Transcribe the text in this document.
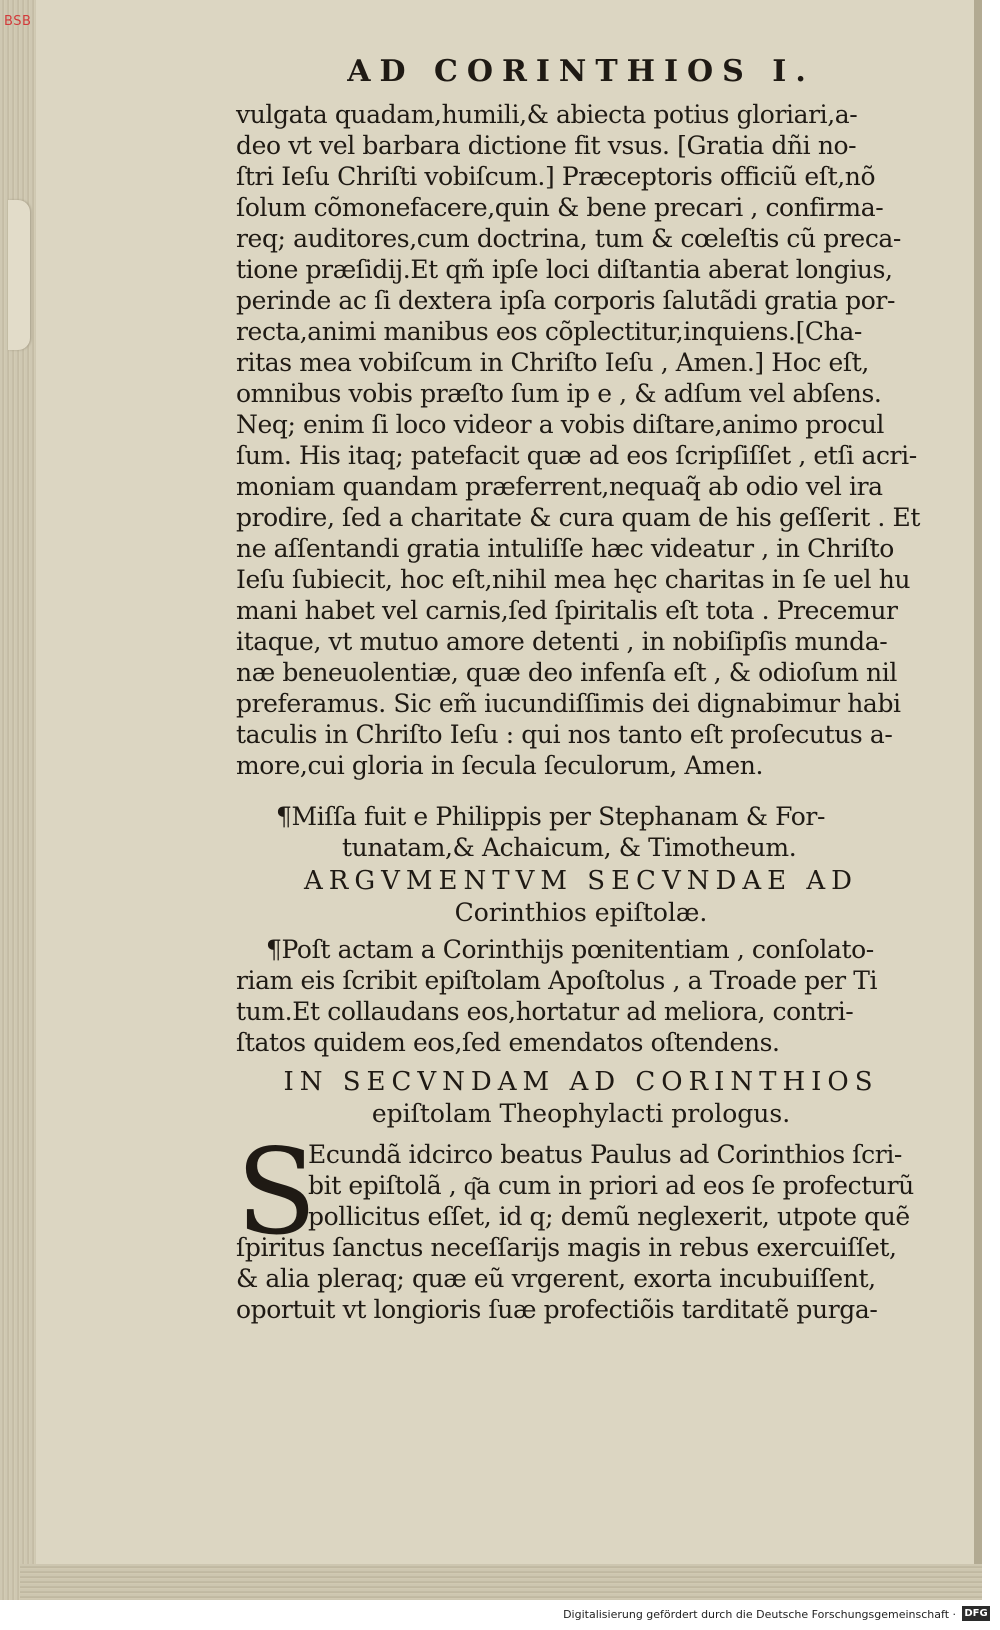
BSB
AD CORINTHIOS I.
vulgata quadam,humili,& abiecta potius gloriari,a-
deo vt vel barbara dictione fit vsus. [Gratia dñi no-
ſtri Ieſu Chriſti vobiſcum.] Præceptoris officiũ eſt,nõ
ſolum cõmonefacere,quin & bene precari , confirma-
req; auditores,cum doctrina, tum & cœleſtis cũ preca-
tione præſidij.Et qm̃ ipſe loci diſtantia aberat longius,
perinde ac ſi dextera ipſa corporis ſalutãdi gratia por-
recta,animi manibus eos cõplectitur,inquiens.[Cha-
ritas mea vobiſcum in Chriſto Ieſu , Amen.] Hoc eſt,
omnibus vobis præſto ſum ip e , & adſum vel abſens.
Neq; enim ſi loco videor a vobis diſtare,animo procul
ſum. His itaq; patefacit quæ ad eos ſcripſiſſet , etſi acri-
moniam quandam præferrent,nequaq̃ ab odio vel ira
prodire, ſed a charitate & cura quam de his geſſerit . Et
ne aſſentandi gratia intuliſſe hæc videatur , in Chriſto
Ieſu ſubiecit, hoc eſt,nihil mea hęc charitas in ſe uel hu
mani habet vel carnis,ſed ſpiritalis eſt tota . Precemur
itaque, vt mutuo amore detenti , in nobiſipſis munda-
næ beneuolentiæ, quæ deo infenſa eſt , & odioſum nil
preferamus. Sic em̃ iucundiſſimis dei dignabimur habi
taculis in Chriſto Ieſu : qui nos tanto eſt proſecutus a-
more,cui gloria in ſecula ſeculorum, Amen.
¶Miſſa fuit e Philippis per Stephanam & For-
tunatam,& Achaicum, & Timotheum.
ARGVMENTVM SECVNDAE AD
Corinthios epiſtolæ.
¶Poſt actam a Corinthijs pœnitentiam , conſolato-
riam eis ſcribit epiſtolam Apoſtolus , a Troade per Ti
tum.Et collaudans eos,hortatur ad meliora, contri-
ſtatos quidem eos,ſed emendatos oſtendens.
IN SECVNDAM AD CORINTHIOS
epiſtolam Theophylacti prologus.
S
Ecundã idcirco beatus Paulus ad Corinthios ſcri-
bit epiſtolã , q͂a cum in priori ad eos ſe profecturũ
pollicitus eſſet, id q; demũ neglexerit, utpote quẽ
ſpiritus ſanctus neceſſarijs magis in rebus exercuiſſet,
& alia pleraq; quæ eũ vrgerent, exorta incubuiſſent,
oportuit vt longioris ſuæ profectiõis tarditatẽ purga-
Digitalisierung gefördert durch die Deutsche Forschungsgemeinschaft · DFG
